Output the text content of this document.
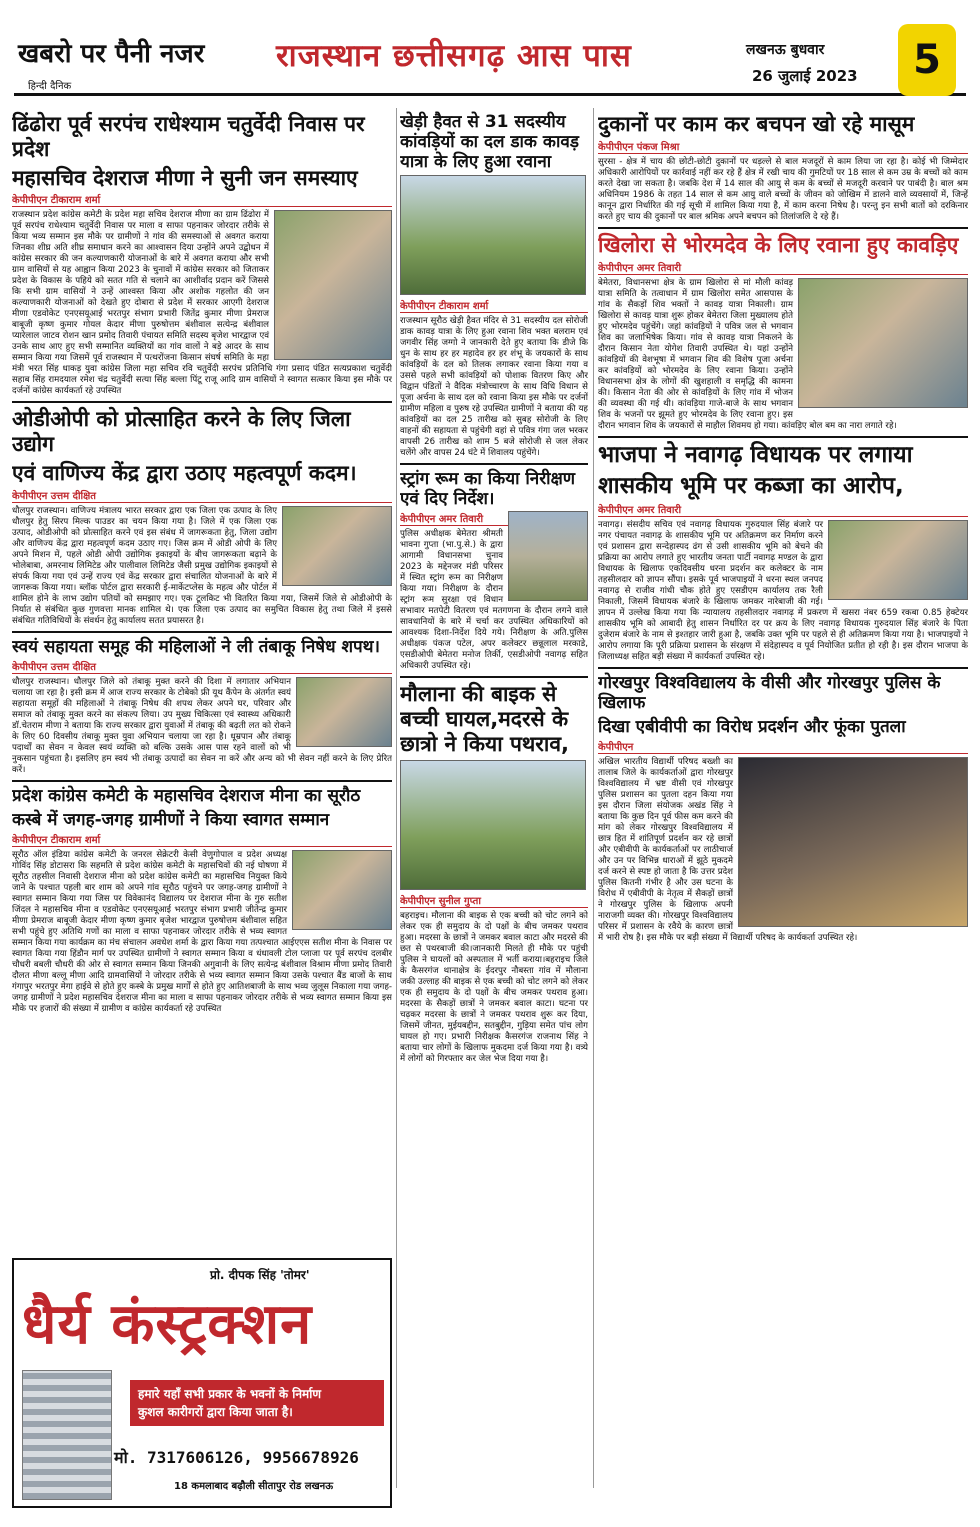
खबरो पर पैनी नजर
हिन्दी दैनिक
राजस्थान छत्तीसगढ़ आस पास	लखनऊ बुधवार
26 जुलाई 2023	5
ढिंढोरा पूर्व सरपंच राधेश्याम चतुर्वेदी निवास पर प्रदेश
महासचिव देशराज मीणा ने सुनी जन समस्याए
केपीपीएन टीकाराम शर्मा

राजस्थान प्रदेश कांग्रेस कमेटी के प्रदेश महा सचिव देशराज मीणा का ग्राम ढिंढोरा में पूर्व सरपंच राधेश्याम चतुर्वेदी निवास पर माला व साफा पहनाकर जोरदार तरीके से किया भव्य सम्मान इस मौके पर ग्रामीणों ने गांव की समस्याओं से अवगत कराया जिनका शीघ्र अति शीघ्र समाधान करने का आश्वासन दिया उन्होंने अपने उद्बोधन में कांग्रेस सरकार की जन कल्याणकारी योजनाओं के बारे में अवगत कराया और सभी ग्राम वासियों से यह आह्वान किया 2023 के चुनावों में कांग्रेस सरकार को जिताकर प्रदेश के विकास के पहिये को सतत गति से चलाने का आशीर्वाद प्रदान करें जिससे कि सभी ग्राम वासियों ने उन्हें आश्वस्त किया और अशोक गहलोत की जन कल्याणकारी योजनाओं को देखते हुए दोबारा से प्रदेश में सरकार आएगी देशराज मीणा एडवोकेट एनएसयूआई भरतपुर संभाग प्रभारी जितेंद्र कुमार मीणा प्रेमराज बाबूजी कृष्ण कुमार गोयल केदार मीणा पुरुषोत्तम बंशीवाल सत्येन्द्र बंशीवाल प्यारेलाल जाटव रोशन खान प्रमोद तिवारी पंचायत समिति सदस्य बृजेश भारद्वाज एवं उनके साथ आए हुए सभी सम्मानित व्यक्तियों का गांव वालों ने बड़े आदर के साथ सम्मान किया गया जिसमें पूर्व राजस्थान में पत्थरोंजना किसान संघर्ष समिति के महा मंत्री भरत सिंह धाकड़ युवा कांग्रेस जिला महा सचिव रवि चतुर्वेदी सरपंच प्रतिनिधि गंगा प्रसाद पंडित सत्यप्रकाश चतुर्वेदी सहाब सिंह रामदयाल रमेश चंद्र चतुर्वेदी सत्या सिंह बल्ला पिंटू राजू आदि ग्राम वासियों ने स्वागत सत्कार किया इस मौके पर दर्जनों कांग्रेस कार्यकर्ता रहे उपस्थित

ओडीओपी को प्रोत्साहित करने के लिए जिला उद्योग
एवं वाणिज्य केंद्र द्वारा उठाए महत्वपूर्ण कदम।
केपीपीएन उत्तम दीक्षित

धौलपुर राजस्थान। वाणिज्य मंत्रालय भारत सरकार द्वारा एक जिला एक उत्पाद के लिए धौलपुर हेतु सिरप मिल्क पाउडर का चयन किया गया है। जिले में एक जिला एक उत्पाद, ओडीओपी को प्रोत्साहित करने एवं इस संबंध में जागरूकता हेतु, जिला उद्योग और वाणिज्य केंद्र द्वारा महत्वपूर्ण कदम उठाए गए। जिस क्रम में ओडी ओपी के लिए अपने मिशन में, पहले ओडी ओपी उद्योगिक इकाइयों के बीच जागरूकता बढ़ाने के भोलेबाबा, अमरनाथ लिमिटेड और पालीवाल लिमिटेड जैसी प्रमुख उद्योगिक इकाइयों से संपर्क किया गया एवं उन्हें राज्य एवं केंद्र सरकार द्वारा संचालित योजनाओं के बारे में जागरूक किया गया। ब्लॉक पोर्टल द्वारा सरकारी ई-मार्केटप्लेस के महत्व और पोर्टल में शामिल होने के लाभ उद्योग पतियों को समझाए गए। एक टूलकिट भी वितरित किया गया, जिसमें जिले से ओडीओपी के निर्यात से संबंधित कुछ गुणवत्ता मानक शामिल थे। एक जिला एक उत्पाद का समुचित विकास हेतु तथा जिले में इससे संबंधित गतिविधियों के संवर्धन हेतु कार्यालय सतत प्रयासरत है।

स्वयं सहायता समूह की महिलाओं ने ली तंबाकू निषेध शपथ।
केपीपीएन उत्तम दीक्षित

धौलपुर राजस्थान। धौलपुर जिले को तंबाकू मुक्त करने की दिशा में लगातार अभियान चलाया जा रहा है। इसी क्रम में आज राज्य सरकार के टोबेको फ्री यूथ कैंपेन के अंतर्गत स्वयं सहायता समूहों की महिलाओं ने तंबाकू निषेध की शपथ लेकर अपने घर, परिवार और समाज को तंबाकू मुक्त करने का संकल्प लिया। उप मुख्य चिकित्सा एवं स्वास्थ्य अधिकारी डॉ.चेतराम मीणा ने बताया कि राज्य सरकार द्वारा युवाओं में तंबाकू की बढ़ती लत को रोकने के लिए 60 दिवसीय तंबाकू मुक्त युवा अभियान चलाया जा रहा है। धूम्रपान और तंबाकू पदार्थों का सेवन न केवल स्वयं व्यक्ति को बल्कि उसके आस पास रहने वालों को भी नुकसान पहुंचता है। इसलिए हम स्वयं भी तंबाकू उत्पादों का सेवन ना करें और अन्य को भी सेवन नहीं करने के लिए प्रेरित करें।

प्रदेश कांग्रेस कमेटी के महासचिव देशराज मीना का सूरौठ
कस्बे में जगह-जगह ग्रामीणों ने किया स्वागत सम्मान
केपीपीएन टीकाराम शर्मा

सूरौठ ऑल इंडिया कांग्रेस कमेटी के जनरल सेक्रेटरी केसी वेणुगोपाल व प्रदेश अध्यक्ष गोविंद सिंह डोटासरा कि सहमति से प्रदेश कांग्रेस कमेटी के महासचिवों की नई घोषणा में सूरौठ तहसील निवासी देशराज मीना को प्रदेश कांग्रेस कमेटी का महासचिव नियुक्त किये जाने के पश्चात पहली बार शाम को अपने गांव सूरौठ पहुंचने पर जगह-जगह ग्रामीणों ने स्वागत सम्मान किया गया जिस पर विवेकानंद विद्यालय पर देशराज मीना के गुरु सतीश जिंदल ने महासचिव मीना व एडवोकेट एनएसयूआई भरतपुर संभाग प्रभारी जीतेन्द्र कुमार मीणा प्रेमराज बाबूजी केदार मीणा कृष्ण कुमार बृजेश भारद्वाज पुरुषोत्तम बंशीवाल सहित सभी पहुंचे हुए अतिथि गणों का माला व साफा पहनाकर जोरदार तरीके से भव्य स्वागत सम्मान किया गया कार्यक्रम का मंच संचालन अवधेश शर्मा के द्वारा किया गया तत्पश्चात आईएएस सतीश मीना के निवास पर स्वागत किया गया हिंडौन मार्ग पर उपस्थित ग्रामीणों ने स्वागत सम्मान किया व धंधावली टोल प्लाजा पर पूर्व सरपंच दलबीर चौधरी बबली चौधरी की ओर से स्वागत सम्मान किया जिनकी अगुवानी के लिए सत्येन्द्र बंशीवाल विश्राम मीणा प्रमोद तिवारी दौलत मीणा बल्लू मीणा आदि ग्रामवासियों ने जोरदार तरीके से भव्य स्वागत सम्मान किया उसके पश्चात बैंड बाजों के साथ गंगापुर भरतपुर मेगा हाईवे से होते हुए कस्बे के प्रमुख मार्गों से होते हुए आतिशबाजी के साथ भव्य जुलूस निकाला गया जगह-जगह ग्रामीणों ने प्रदेश महासचिव देशराज मीना का माला व साफा पहनाकर जोरदार तरीके से भव्य स्वागत सम्मान किया इस मौके पर हजारों की संख्या में ग्रामीण व कांग्रेस कार्यकर्ता रहे उपस्थित

प्रो. दीपक सिंह 'तोमर'
धैर्य कंस्ट्रक्शन
हमारे यहाँ सभी प्रकार के भवनों के निर्माण
कुशल कारीगरों द्वारा किया जाता है।
मो. 7317606126, 9956678926
18 कमलाबाद बढ़ौली सीतापुर रोड लखनऊ
खेड़ी हैवत से 31 सदस्यीय कांवड़ियों का दल डाक कावड़ यात्रा के लिए हुआ रवाना
केपीपीएन टीकाराम शर्मा

राजस्थान सूरौठ खेड़ी हैवत मंदिर से 31 सदस्यीय दल सोरोजी डाक कावड़ यात्रा के लिए हुआ रवाना शिव भक्त बलराम एवं जगवीर सिंह जग्गो ने जानकारी देते हुए बताया कि डीजे कि धुन के साथ हर हर महादेव हर हर शंभू के जयकारों के साथ कांवड़ियों के दल को तिलक लगाकर रवाना किया गया व उससे पहले सभी कांवड़ियों को पोशाक वितरण किए और विद्वान पंडितों ने वैदिक मंत्रोच्चारण के साथ विधि विधान से पूजा अर्चना के साथ दल को रवाना किया इस मौके पर दर्जनों ग्रामीण महिला व पुरुष रहे उपस्थित ग्रामीणों ने बताया की यह कांवड़ियों का दल 25 तारीख को सुबह सोरोजी के लिए वाहनों की सहायता से पहुंचेगी वहां से पवित्र गंगा जल भरकर वापसी 26 तारीख को शाम 5 बजे सोरोजी से जल लेकर चलेंगे और वापस 24 घंटे में शिवालय पहुंचेंगे।

स्ट्रांग रूम का किया निरीक्षण एवं दिए निर्देश।
केपीपीएन अमर तिवारी

पुलिस अधीक्षक बेमेतरा श्रीमती भावना गुप्ता (भा.पु.से.) के द्वारा आगामी विधानसभा चुनाव 2023 के मद्देनजर मंडी परिसर में स्थित स्ट्रांग रूम का निरीक्षण किया गया। निरीक्षण के दौरान स्ट्रांग रूम सुरक्षा एवं विधान सभावार मतपेटी वितरण एवं मतगणना के दौरान लगने वाले सावधानियों के बारे में चर्चा कर उपस्थित अधिकारियों को आवश्यक दिशा-निर्देश दिये गये। निरीक्षण के अति.पुलिस अधीक्षक पंकज पटेल, अपर कलेक्टर छन्नूलाल मरकाडे, एसडीओपी बेमेतरा मनोज तिर्की, एसडीओपी नवागढ़ सहित अधिकारी उपस्थित रहे।

मौलाना की बाइक से बच्ची घायल,मदरसे के छात्रो ने किया पथराव,
केपीपीएन सुनील गुप्ता

बहराइच। मौलाना की बाइक से एक बच्ची को चोट लगने को लेकर एक ही समुदाय के दो पक्षों के बीच जमकर पथराव हुआ। मदरसा के छात्रों ने जमकर बवाल काटा और मदरसे की छत से पथरबाजी की।जानकारी मिलते ही मौके पर पहुंची पुलिस ने घायलों को अस्पताल में भर्ती कराया।बहराइच जिले के कैसरगंज थानाक्षेत्र के ईदरपुर नौबस्ता गांव में मौलाना जकी उल्लाह की बाइक से एक बच्ची को चोट लगने को लेकर एक ही समुदाय के दो पक्षों के बीच जमकर पथराव हुआ। मदरसा के सैकड़ों छात्रों ने जमकर बवाल काटा। घटना पर चढ़कर मदरसा के छात्रों ने जमकर पथराव शुरू कर दिया, जिसमें जीनत, मुईयबद्दीन, सतबुद्दीन, गुड़िया समेत पांच लोग घायल हो गए। प्रभारी निरीक्षक कैसरगंज राजनाथ सिंह ने बताया चार लोगों के खिलाफ मुकदमा दर्ज किया गया है। वत्र्ये में लोगों को गिरफ्तार कर जेल भेज दिया गया है।

दुकानों पर काम कर बचपन खो रहे मासूम
केपीपीएन पंकज मिश्रा

सुरसा - क्षेत्र में चाय की छोटी-छोटी दुकानों पर धड़ल्ले से बाल मजदूरों से काम लिया जा रहा है। कोई भी जिम्मेदार अधिकारी आरोपियों पर कार्रवाई नहीं कर रहे हैं क्षेत्र में रखी चाय की गुमटियों पर 18 साल से कम उम्र के बच्चों को काम करते देखा जा सकता है। जबकि देश में 14 साल की आयु से कम के बच्चों से मजदूरी करवाने पर पाबंदी है। बाल श्रम अधिनियम 1986 के तहत 14 साल से कम आयु वाले बच्चों के जीवन को जोखिम में डालने वाले व्यवसायों में, जिन्हें कानून द्वारा निर्धारित की गई सूची में शामिल किया गया है, में काम करना निषेध है। परन्तु इन सभी बातों को दरकिनार करते हुए चाय की दुकानों पर बाल श्रमिक अपने बचपन को तिलांजलि दे रहे हैं।

खिलोरा से भोरमदेव के लिए रवाना हुए कावड़िए
केपीपीएन अमर तिवारी

बेमेतरा, विधानसभा क्षेत्र के ग्राम खिलोरा से मां मौली कांवड़ यात्रा समिति के तत्वाधान में ग्राम खिलोरा समेत आसपास के गांव के सैकड़ों शिव भक्तों ने कावड़ यात्रा निकाली। ग्राम खिलोरा से कावड़ यात्रा शुरू होकर बेमेतरा जिला मुख्यालय होते हुए भोरमदेव पहुंचेंगे। जहां कांवड़ियों ने पवित्र जल से भगवान शिव का जलाभिषेक किया। गांव से कावड़ यात्रा निकलने के दौरान किसान नेता योगेश तिवारी उपस्थित थे। यहां उन्होंने कांवड़ियों की वेशभूषा में भगवान शिव की विशेष पूजा अर्चना कर कांवड़ियों को भोरमदेव के लिए रवाना किया। उन्होंने विधानसभा क्षेत्र के लोगों की खुशहाली व समृद्धि की कामना की। किसान नेता की ओर से कांवड़ियों के लिए गांव में भोजन की व्यवस्था की गई थी। कांवड़िया गाजे-बाजे के साथ भगवान शिव के भजनों पर झूमते हुए भोरमदेव के लिए रवाना हुए। इस दौरान भगवान शिव के जयकारों से माहौल शिवमय हो गया। कांवड़िए बोल बम का नारा लगाते रहे।

भाजपा ने नवागढ़ विधायक पर लगाया
शासकीय भूमि पर कब्जा का आरोप,
केपीपीएन अमर तिवारी

नवागढ़। संसदीय सचिव एवं नवागढ़ विधायक गुरुदयाल सिंह बंजारे पर नगर पंचायत नवागढ़ के शासकीय भूमि पर अतिक्रमण कर निर्माण करने एवं प्रशासन द्वारा सन्देहास्पद ढंग से उसी शासकीय भूमि को बेचने की प्रक्रिया का आरोप लगाते हुए भारतीय जनता पार्टी नवागढ़ मण्डल के द्वारा विधायक के खिलाफ एकदिवसीय धरना प्रदर्शन कर कलेक्टर के नाम तहसीलदार को ज्ञापन सौंपा। इसके पूर्व भाजपाइयों ने धरना स्थल जनपद नवागढ़ से राजीव गांधी चौक होते हुए एसडीएम कार्यालय तक रैली निकाली, जिसमें विधायक बंजारे के खिलाफ जमकर नारेबाजी की गई। ज्ञापन में उल्लेख किया गया कि न्यायालय तहसीलदार नवागढ़ में प्रकरण में खसरा नंबर 659 रकबा 0.85 हेक्टेयर शासकीय भूमि को आबादी हेतु शासन निर्धारित दर पर क्रय के लिए नवागढ़ विधायक गुरुदयाल सिंह बंजारे के पिता दुजेराम बंजारे के नाम से इश्तहार जारी हुआ है, जबकि उक्त भूमि पर पहले से ही अतिक्रमण किया गया है। भाजपाइयों ने आरोप लगाया कि पूरी प्रक्रिया प्रशासन के संरक्षण में संदेहास्पद व पूर्व नियोजित प्रतीत हो रही है। इस दौरान भाजपा के जिलाध्यक्ष सहित बड़ी संख्या में कार्यकर्ता उपस्थित रहे।

गोरखपुर विश्वविद्यालय के वीसी और गोरखपुर पुलिस के खिलाफ
दिखा एबीवीपी का विरोध प्रदर्शन और फूंका पुतला
केपीपीएन

अखिल भारतीय विद्यार्थी परिषद बख्शी का तालाब जिले के कार्यकर्ताओं द्वारा गोरखपुर विश्वविद्यालय में भ्रष्ट वीसी एवं गोरखपुर पुलिस प्रशासन का पुतला दहन किया गया इस दौरान जिला संयोजक अखंड सिंह ने बताया कि कुछ दिन पूर्व फीस कम करने की मांग को लेकर गोरखपुर विश्वविद्यालय में छात्र हित में शांतिपूर्ण प्रदर्शन कर रहे छात्रों और एबीवीपी के कार्यकर्ताओं पर लाठीचार्ज और उन पर विभिन्न धाराओं में झूठे मुकदमे दर्ज करने से स्पष्ट हो जाता है कि उत्तर प्रदेश पुलिस कितनी गंभीर है और उस घटना के विरोध में एबीवीपी के नेतृत्व में सैकड़ों छात्रों ने गोरखपुर पुलिस के खिलाफ अपनी नाराजगी व्यक्त की। गोरखपुर विश्वविद्यालय परिसर में प्रशासन के रवैये के कारण छात्रों में भारी रोष है। इस मौके पर बड़ी संख्या में विद्यार्थी परिषद के कार्यकर्ता उपस्थित रहे।
